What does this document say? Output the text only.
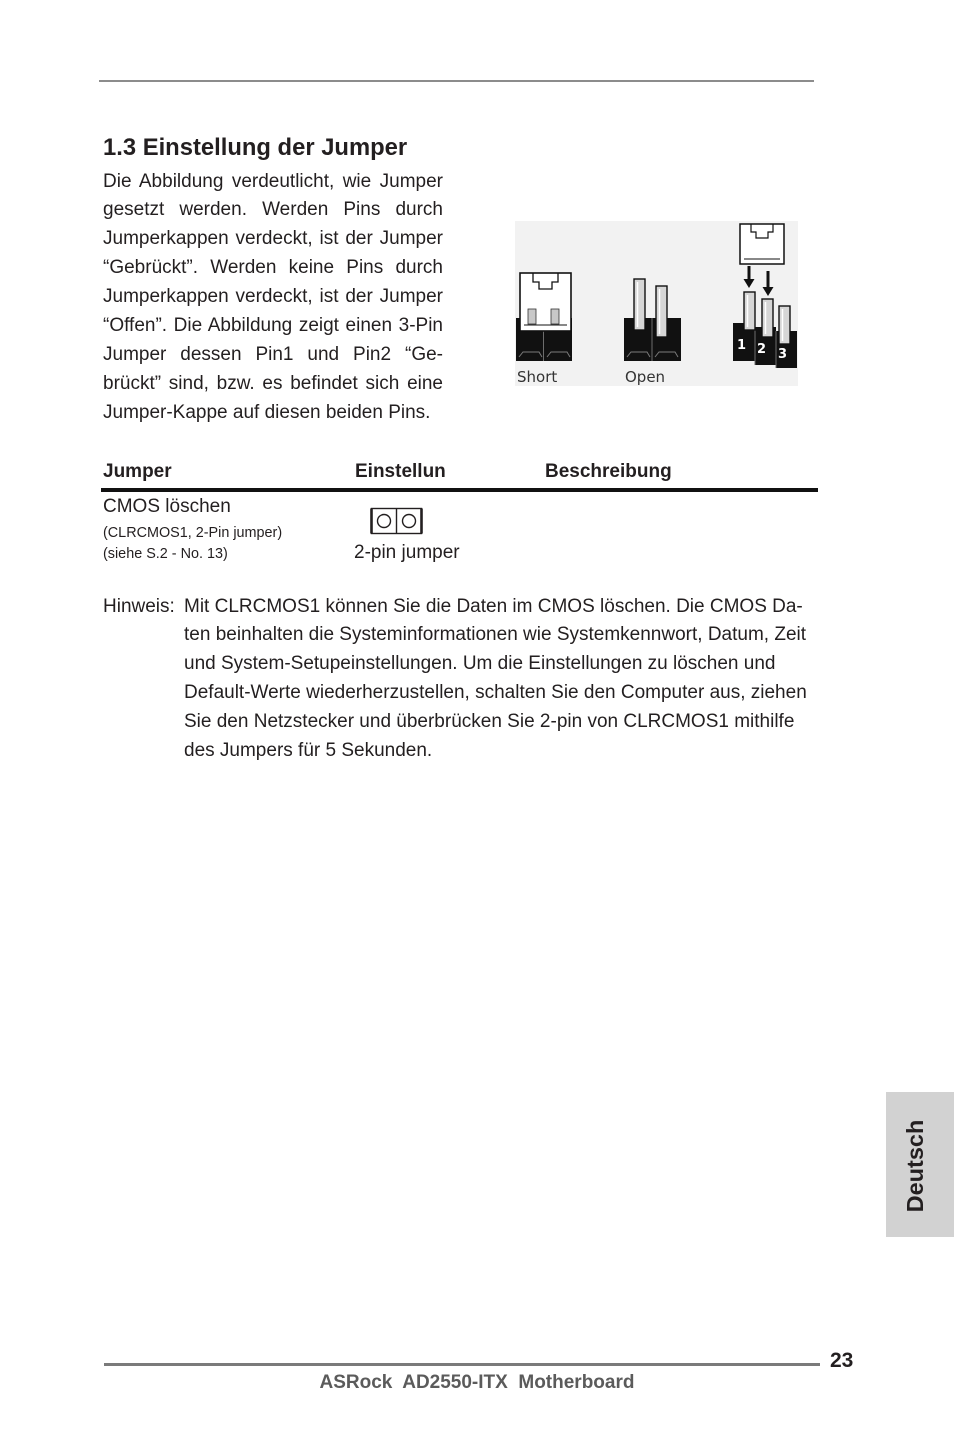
1.3 Einstellung der Jumper
Die Abbildung verdeutlicht, wie Jumper
gesetzt werden. Werden Pins durch
Jumperkappen verdeckt, ist der Jumper
“Gebrückt”. Werden keine Pins durch
Jumperkappen verdeckt, ist der Jumper
“Offen”. Die Abbildung zeigt einen 3-Pin
Jumper dessen Pin1 und Pin2 “Ge-
brückt” sind, bzw. es befindet sich eine
Jumper-Kappe auf diesen beiden Pins.
1 2 3
Short	Open
Jumper	Einstellun	Beschreibung
CMOS löschen
(CLRCMOS1, 2-Pin jumper)
(siehe S.2 - No. 13)	2-pin jumper
Hinweis: Mit CLRCMOS1 können Sie die Daten im CMOS löschen. Die CMOS Da-
ten beinhalten die Systeminformationen wie Systemkennwort, Datum, Zeit
und System-Setupeinstellungen. Um die Einstellungen zu löschen und
Default-Werte wiederherzustellen, schalten Sie den Computer aus, ziehen
Sie den Netzstecker und überbrücken Sie 2-pin von CLRCMOS1 mithilfe
des Jumpers für 5 Sekunden.
Deutsch
23
ASRock  AD2550-ITX  Motherboard
